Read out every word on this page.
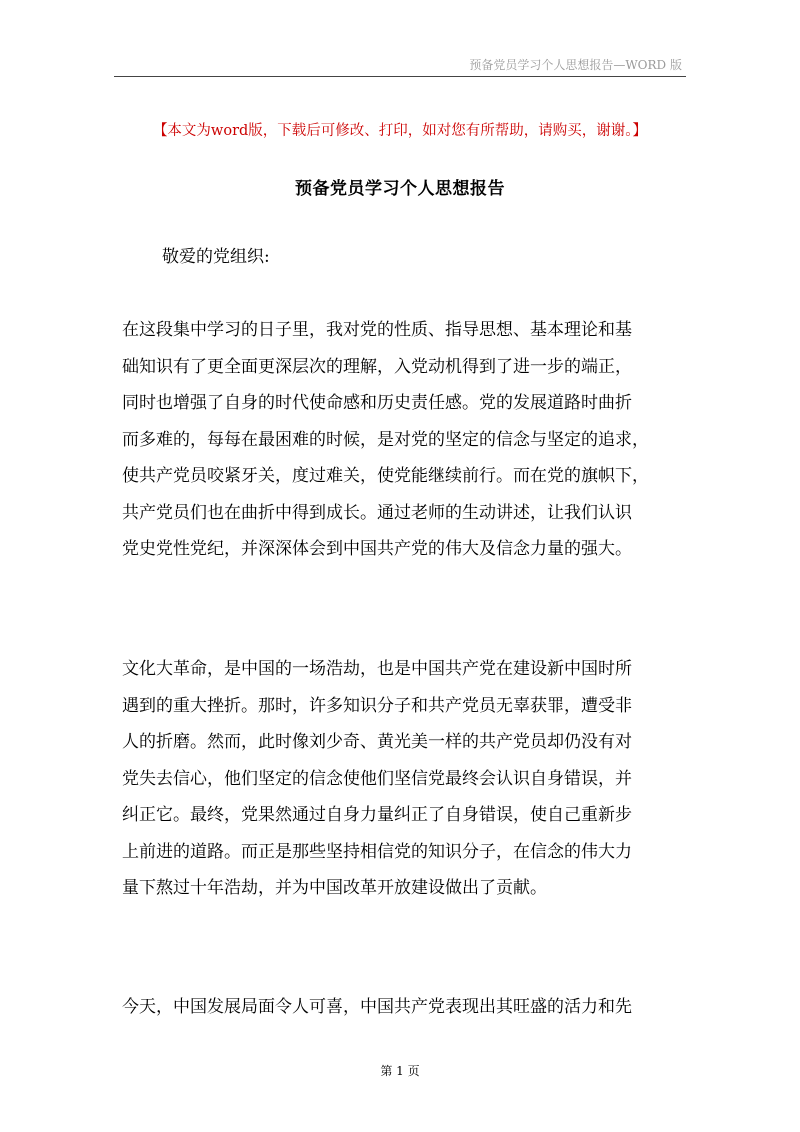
预备党员学习个人思想报告—WORD 版
【本文为word版，下载后可修改、打印，如对您有所帮助，请购买，谢谢。】
预备党员学习个人思想报告
敬爱的党组织:
在这段集中学习的日子里，我对党的性质、指导思想、基本理论和基
础知识有了更全面更深层次的理解，入党动机得到了进一步的端正，
同时也增强了自身的时代使命感和历史责任感。党的发展道路时曲折
而多难的，每每在最困难的时候，是对党的坚定的信念与坚定的追求，
使共产党员咬紧牙关，度过难关，使党能继续前行。而在党的旗帜下，
共产党员们也在曲折中得到成长。通过老师的生动讲述，让我们认识
党史党性党纪，并深深体会到中国共产党的伟大及信念力量的强大。
文化大革命，是中国的一场浩劫，也是中国共产党在建设新中国时所
遇到的重大挫折。那时，许多知识分子和共产党员无辜获罪，遭受非
人的折磨。然而，此时像刘少奇、黄光美一样的共产党员却仍没有对
党失去信心，他们坚定的信念使他们坚信党最终会认识自身错误，并
纠正它。最终，党果然通过自身力量纠正了自身错误，使自己重新步
上前进的道路。而正是那些坚持相信党的知识分子，在信念的伟大力
量下熬过十年浩劫，并为中国改革开放建设做出了贡献。
今天，中国发展局面令人可喜，中国共产党表现出其旺盛的活力和先
第 1 页
